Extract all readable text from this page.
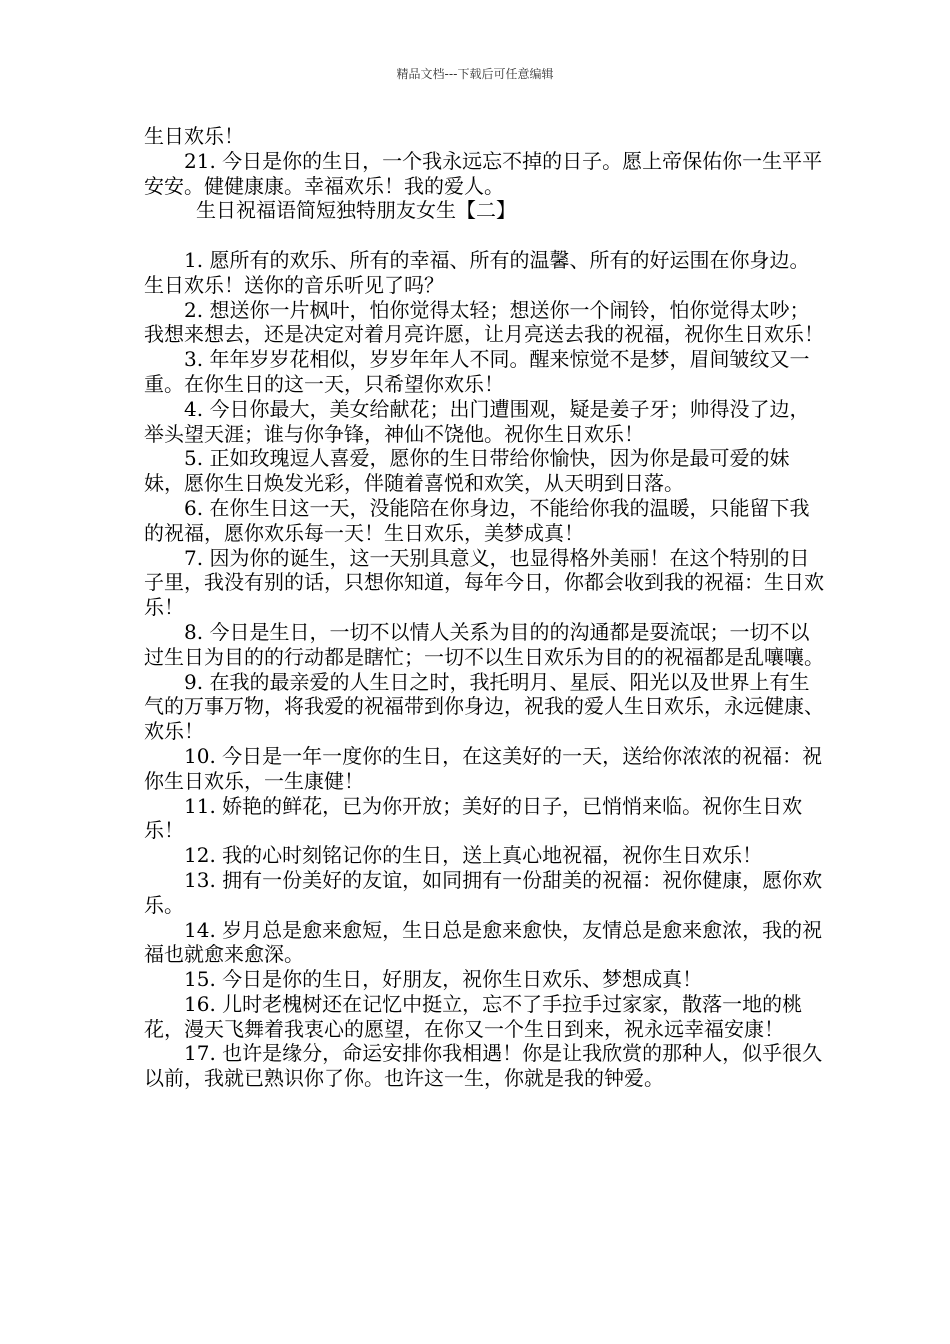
精品文档---下载后可任意编辑

生日欢乐！

21. 今日是你的生日，一个我永远忘不掉的日子。愿上帝保佑你一生平平安安。健健康康。幸福欢乐！我的爱人。

生日祝福语简短独特朋友女生【二】

1. 愿所有的欢乐、所有的幸福、所有的温馨、所有的好运围在你身边。生日欢乐！送你的音乐听见了吗？

2. 想送你一片枫叶，怕你觉得太轻；想送你一个闹铃，怕你觉得太吵；我想来想去，还是决定对着月亮许愿，让月亮送去我的祝福，祝你生日欢乐！

3. 年年岁岁花相似，岁岁年年人不同。醒来惊觉不是梦，眉间皱纹又一重。在你生日的这一天，只希望你欢乐！

4. 今日你最大，美女给献花；出门遭围观，疑是姜子牙；帅得没了边，举头望天涯；谁与你争锋，神仙不饶他。祝你生日欢乐！

5. 正如玫瑰逗人喜爱，愿你的生日带给你愉快，因为你是最可爱的妹妹，愿你生日焕发光彩，伴随着喜悦和欢笑，从天明到日落。

6. 在你生日这一天，没能陪在你身边，不能给你我的温暖，只能留下我的祝福，愿你欢乐每一天！生日欢乐，美梦成真！

7. 因为你的诞生，这一天别具意义，也显得格外美丽！在这个特别的日子里，我没有别的话，只想你知道，每年今日，你都会收到我的祝福：生日欢乐！

8. 今日是生日，一切不以情人关系为目的的沟通都是耍流氓；一切不以过生日为目的的行动都是瞎忙；一切不以生日欢乐为目的的祝福都是乱嚷嚷。

9. 在我的最亲爱的人生日之时，我托明月、星辰、阳光以及世界上有生气的万事万物，将我爱的祝福带到你身边，祝我的爱人生日欢乐，永远健康、欢乐！

10. 今日是一年一度你的生日，在这美好的一天，送给你浓浓的祝福：祝你生日欢乐，一生康健！

11. 娇艳的鲜花，已为你开放；美好的日子，已悄悄来临。祝你生日欢乐！

12. 我的心时刻铭记你的生日，送上真心地祝福，祝你生日欢乐！

13. 拥有一份美好的友谊，如同拥有一份甜美的祝福：祝你健康，愿你欢乐。

14. 岁月总是愈来愈短，生日总是愈来愈快，友情总是愈来愈浓，我的祝福也就愈来愈深。

15. 今日是你的生日，好朋友，祝你生日欢乐、梦想成真！

16. 儿时老槐树还在记忆中挺立，忘不了手拉手过家家，散落一地的桃花，漫天飞舞着我衷心的愿望，在你又一个生日到来，祝永远幸福安康！

17. 也许是缘分，命运安排你我相遇！你是让我欣赏的那种人，似乎很久以前，我就已熟识你了你。也许这一生，你就是我的钟爱。
